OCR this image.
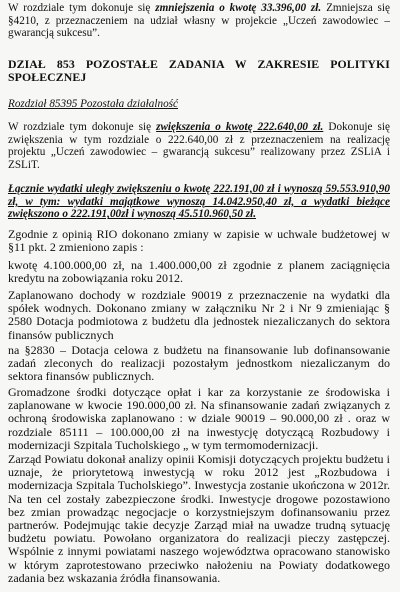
W rozdziale tym dokonuje się zmniejszenia o kwotę 33.396,00 zł. Zmniejsza się §4210, z przeznaczeniem na udział własny w projekcie „Uczeń zawodowiec – gwarancją sukcesu”.

DZIAŁ 853 POZOSTAŁE ZADANIA W ZAKRESIE POLITYKI SPOŁECZNEJ
Rozdział 85395 Pozostała działalność

W rozdziale tym dokonuje się zwiększenia o kwotę 222.640,00 zł. Dokonuje się zwiększenia w tym rozdziale o 222.640,00 zł z przeznaczeniem na realizację projektu „Uczeń zawodowiec – gwarancją sukcesu” realizowany przez ZSLiA i ZSLiT.

Łącznie wydatki uległy zwiększeniu o kwotę 222.191,00 zł i wynoszą 59.553.910,90 zł, w tym: wydatki majątkowe wynoszą 14.042.950,40 zł, a wydatki bieżące zwiększono o 222.191,00zł i wynoszą 45.510.960,50 zł.
Zgodnie z opinią RIO dokonano zmiany w zapisie w uchwale budżetowej w §11 pkt. 2 zmieniono zapis :
kwotę 4.100.000,00 zł, na 1.400.000,00 zł zgodnie z planem zaciągnięcia kredytu na zobowiązania roku 2012.
Zaplanowano dochody w rozdziale 90019 z przeznaczenie na wydatki dla spółek wodnych. Dokonano zmiany w załączniku Nr 2 i Nr 9 zmieniając § 2580 Dotacja podmiotowa z budżetu dla jednostek niezaliczanych do sektora finansów publicznych
na §2830 – Dotacja celowa z budżetu na finansowanie lub dofinansowanie zadań zleconych do realizacji pozostałym jednostkom niezaliczanym do sektora finansów publicznych.
Gromadzone środki dotyczące opłat i kar za korzystanie ze środowiska i zaplanowane w kwocie 190.000,00 zł. Na sfinansowanie zadań związanych z ochroną środowiska zaplanowano : w dziale 90019 – 90.000,00 zł . oraz w rozdziale 85111 – 100.000,00 zł na inwestycję dotyczącą Rozbudowy i modernizacji Szpitala Tucholskiego „ w tym termomodernizacji.
Zarząd Powiatu dokonał analizy opinii Komisji dotyczących projektu budżetu i uznaje, że priorytetową inwestycją w roku 2012 jest „Rozbudowa i modernizacja Szpitala Tucholskiego”. Inwestycja zostanie ukończona w 2012r. Na ten cel zostały zabezpieczone środki. Inwestycje drogowe pozostawiono bez zmian prowadząc negocjacje o korzystniejszym dofinansowaniu przez partnerów. Podejmując takie decyzje Zarząd miał na uwadze trudną sytuację budżetu powiatu. Powołano organizatora do realizacji pieczy zastępczej. Wspólnie z innymi powiatami naszego województwa opracowano stanowisko w którym zaprotestowano przeciwko nałożeniu na Powiaty dodatkowego zadania bez wskazania źródła finansowania.
